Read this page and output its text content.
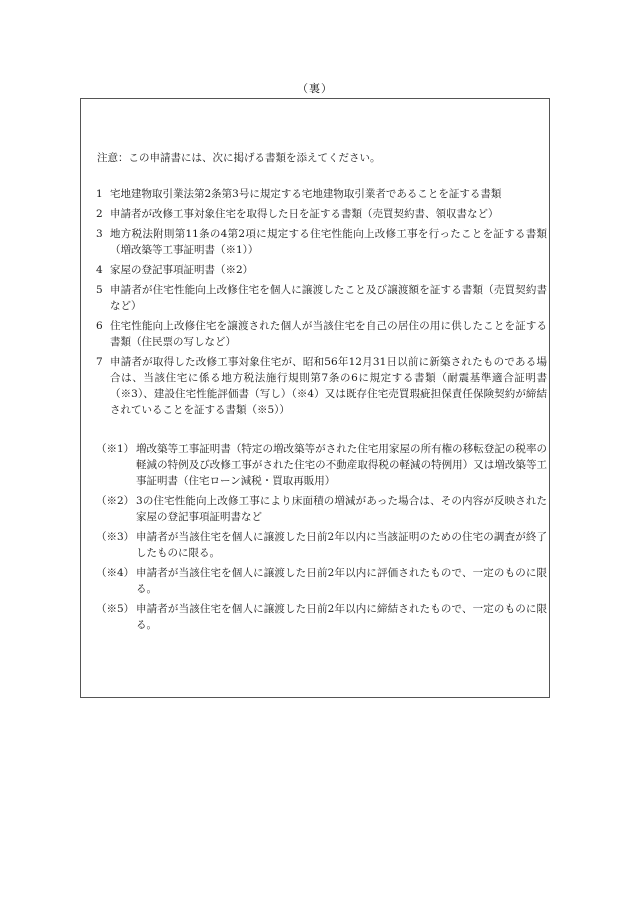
（裏）
注意：この申請書には、次に掲げる書類を添えてください。
1 宅地建物取引業法第2条第3号に規定する宅地建物取引業者であることを証する書類
2 申請者が改修工事対象住宅を取得した日を証する書類（売買契約書、領収書など）
3 地方税法附則第11条の4第2項に規定する住宅性能向上改修工事を行ったことを証する書類（増改築等工事証明書（※1））
4 家屋の登記事項証明書（※2）
5 申請者が住宅性能向上改修住宅を個人に譲渡したこと及び譲渡額を証する書類（売買契約書など）
6 住宅性能向上改修住宅を譲渡された個人が当該住宅を自己の居住の用に供したことを証する書類（住民票の写しなど）
7 申請者が取得した改修工事対象住宅が、昭和56年12月31日以前に新築されたものである場合は、当該住宅に係る地方税法施行規則第7条の6に規定する書類（耐震基準適合証明書（※3）、建設住宅性能評価書（写し）（※4）又は既存住宅売買瑕疵担保責任保険契約が締結されていることを証する書類（※5））
（※1） 増改築等工事証明書（特定の増改築等がされた住宅用家屋の所有権の移転登記の税率の軽減の特例及び改修工事がされた住宅の不動産取得税の軽減の特例用）又は増改築等工事証明書（住宅ローン減税・買取再販用）
（※2） 3の住宅性能向上改修工事により床面積の増減があった場合は、その内容が反映された家屋の登記事項証明書など
（※3） 申請者が当該住宅を個人に譲渡した日前2年以内に当該証明のための住宅の調査が終了したものに限る。
（※4） 申請者が当該住宅を個人に譲渡した日前2年以内に評価されたもので、一定のものに限る。
（※5） 申請者が当該住宅を個人に譲渡した日前2年以内に締結されたもので、一定のものに限る。
